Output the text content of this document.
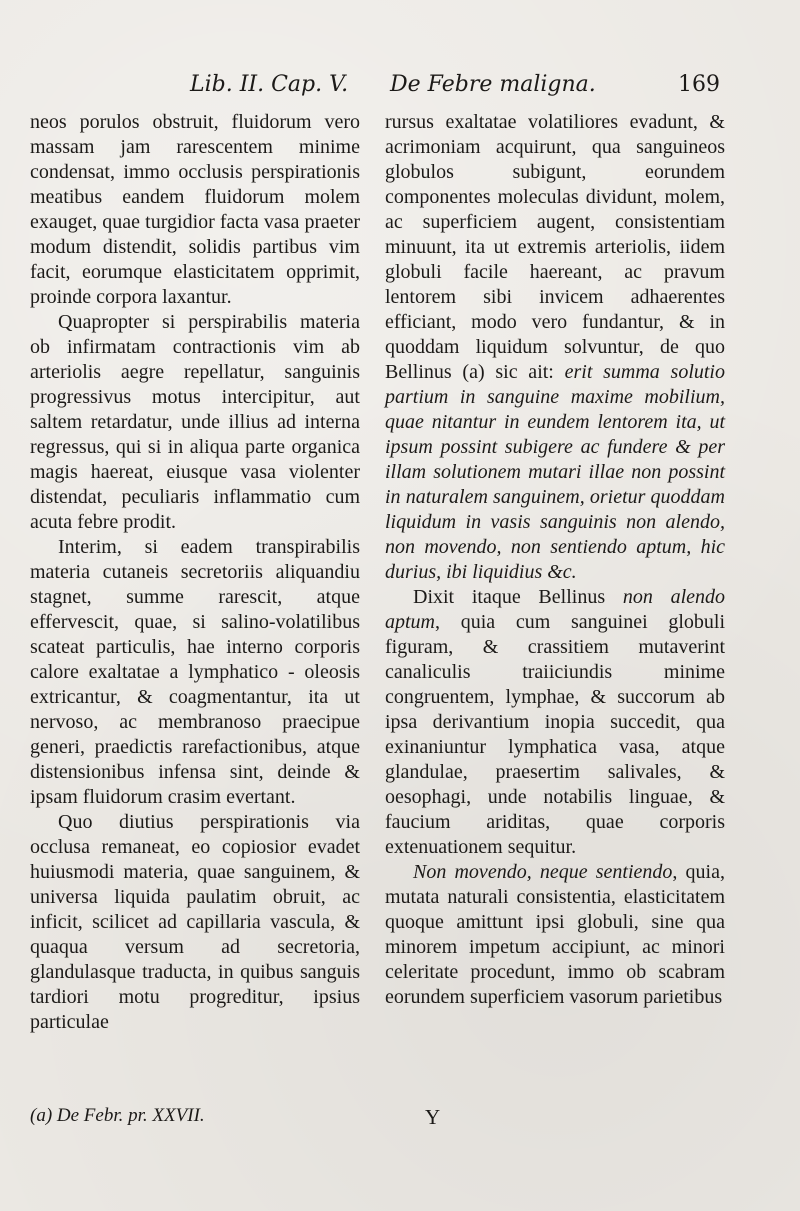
Lib. II. Cap. V. De Febre maligna.	169

neos porulos obstruit, fluidorum vero massam jam rarescentem minime condensat, immo occlusis perspirationis meatibus eandem fluidorum molem exauget, quae turgidior facta vasa praeter modum distendit, solidis partibus vim facit, eorumque elasticitatem opprimit, proinde corpora laxantur.

Quapropter si perspirabilis materia ob infirmatam contractionis vim ab arteriolis aegre repellatur, sanguinis progressivus motus intercipitur, aut saltem retardatur, unde illius ad interna regressus, qui si in aliqua parte organica magis haereat, eiusque vasa violenter distendat, peculiaris inflammatio cum acuta febre prodit.

Interim, si eadem transpirabilis materia cutaneis secretoriis aliquandiu stagnet, summe rarescit, atque effervescit, quae, si salino-volatilibus scateat particulis, hae interno corporis calore exaltatae a lymphatico - oleosis extricantur, & coagmentantur, ita ut nervoso, ac membranoso praecipue generi, praedictis rarefactionibus, atque distensionibus infensa sint, deinde & ipsam fluidorum crasim evertant.

Quo diutius perspirationis via occlusa remaneat, eo copiosior evadet huiusmodi materia, quae sanguinem, & universa liquida paulatim obruit, ac inficit, scilicet ad capillaria vascula, & quaqua versum ad secretoria, glandulasque traducta, in quibus sanguis tardiori motu progreditur, ipsius particulae

rursus exaltatae volatiliores evadunt, & acrimoniam acquirunt, qua sanguineos globulos subigunt, eorundem componentes moleculas dividunt, molem, ac superficiem augent, consistentiam minuunt, ita ut extremis arteriolis, iidem globuli facile haereant, ac pravum lentorem sibi invicem adhaerentes efficiant, modo vero fundantur, & in quoddam liquidum solvuntur, de quo Bellinus (a) sic ait: erit summa solutio partium in sanguine maxime mobilium, quae nitantur in eundem lentorem ita, ut ipsum possint subigere ac fundere & per illam solutionem mutari illae non possint in naturalem sanguinem, orietur quoddam liquidum in vasis sanguinis non alendo, non movendo, non sentiendo aptum, hic durius, ibi liquidius &c.

Dixit itaque Bellinus non alendo aptum, quia cum sanguinei globuli figuram, & crassitiem mutaverint canaliculis traiiciundis minime congruentem, lymphae, & succorum ab ipsa derivantium inopia succedit, qua exinaniuntur lymphatica vasa, atque glandulae, praesertim salivales, & oesophagi, unde notabilis linguae, & faucium ariditas, quae corporis extenuationem sequitur.

Non movendo, neque sentiendo, quia, mutata naturali consistentia, elasticitatem quoque amittunt ipsi globuli, sine qua minorem impetum accipiunt, ac minori celeritate procedunt, immo ob scabram eorundem superficiem vasorum parietibus

(a) De Febr. pr. XXVII.	Y
